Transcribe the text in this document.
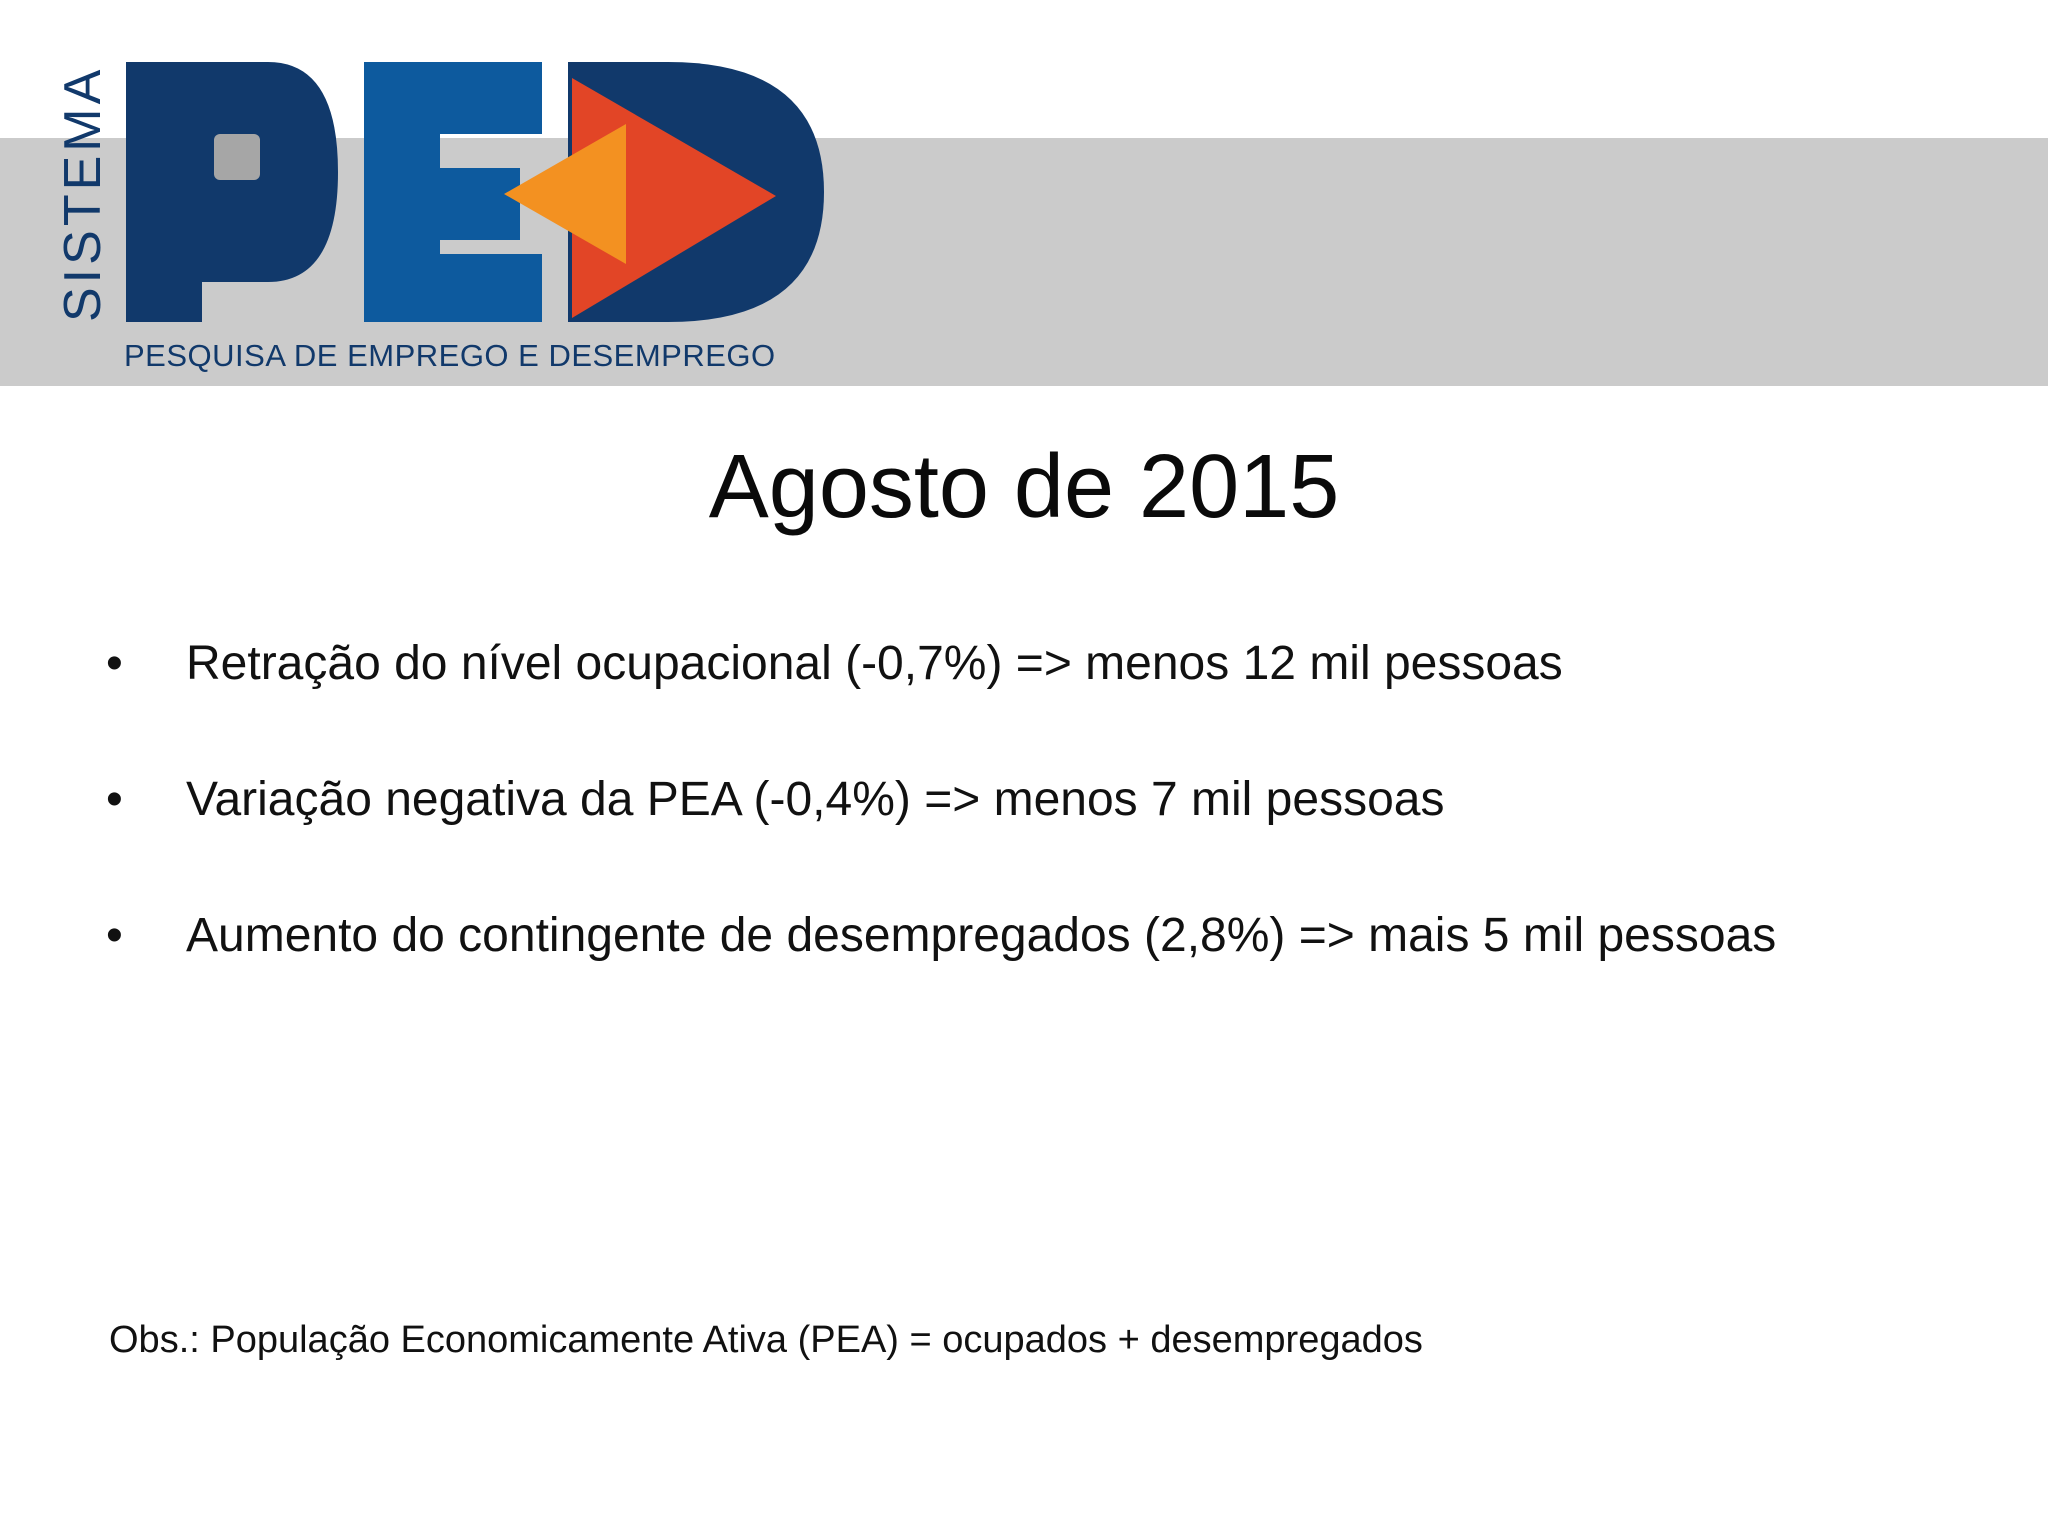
SISTEMA
PESQUISA DE EMPREGO E DESEMPREGO
Agosto de 2015
•	Retração do nível ocupacional (-0,7%) => menos 12 mil pessoas
•	Variação negativa da PEA (-0,4%) => menos 7 mil pessoas
•	Aumento do contingente de desempregados (2,8%) => mais 5 mil pessoas
Obs.: População Economicamente Ativa (PEA) = ocupados + desempregados
